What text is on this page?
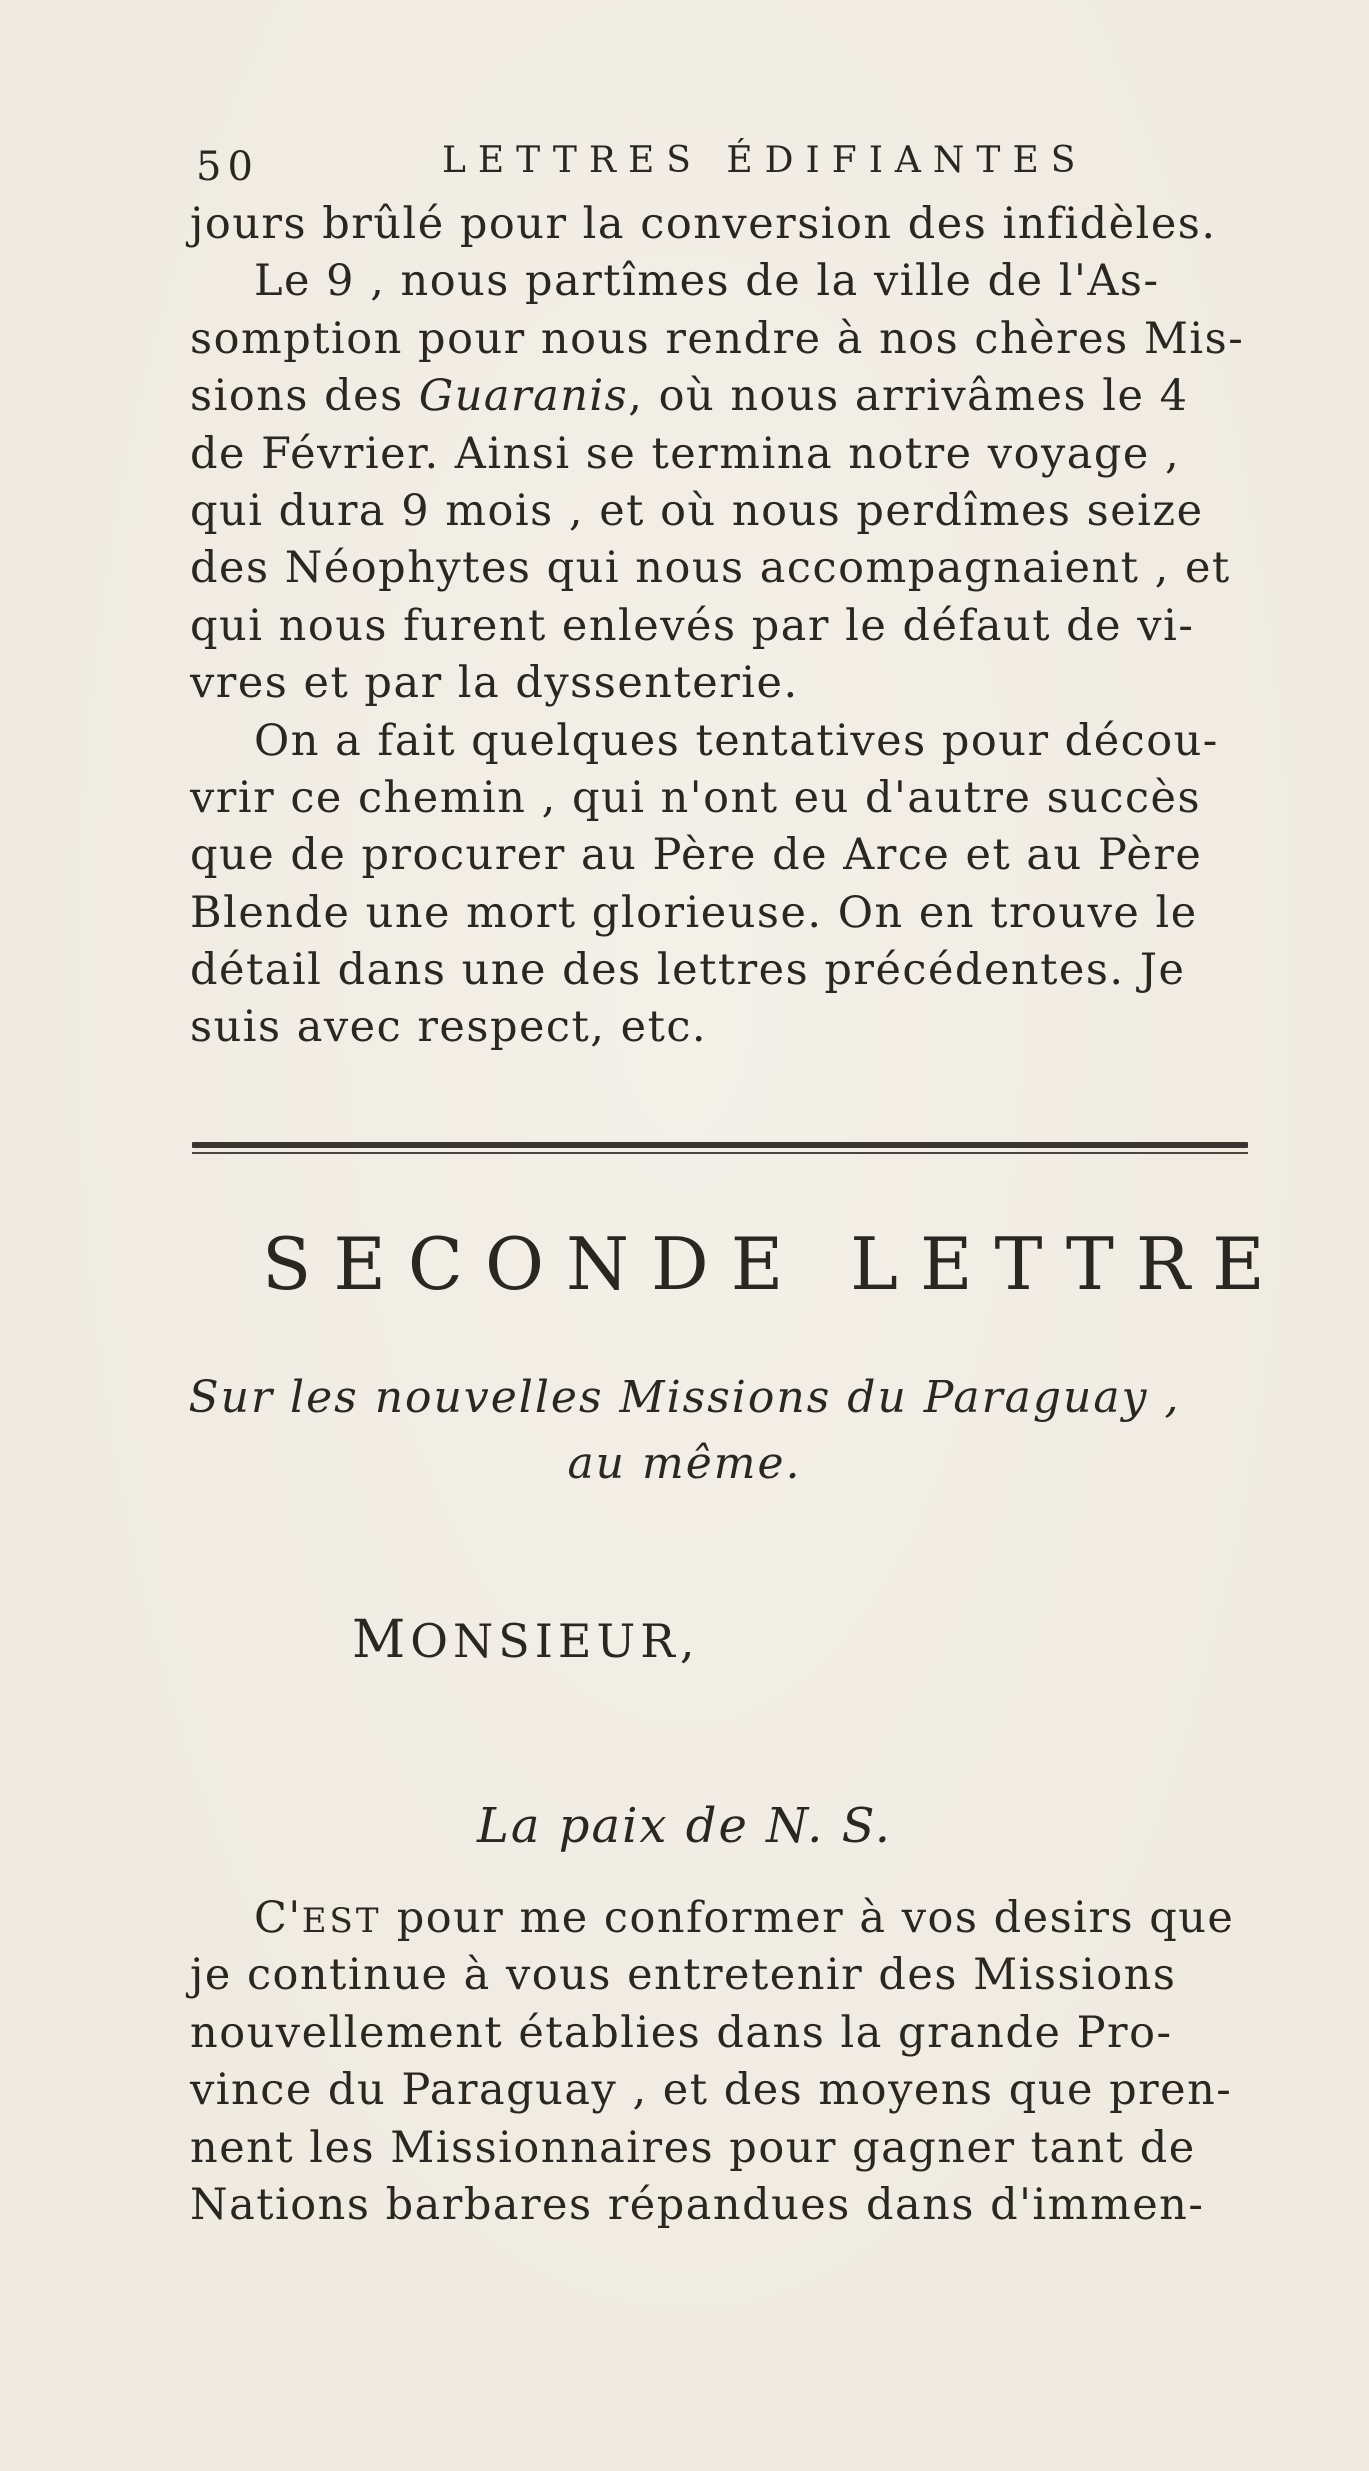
50	LETTRES ÉDIFIANTES
jours brûlé pour la conversion des infidèles.
Le 9 , nous partîmes de la ville de l'As-
somption pour nous rendre à nos chères Mis-
sions des Guaranis, où nous arrivâmes le 4
de Février. Ainsi se termina notre voyage ,
qui dura 9 mois , et où nous perdîmes seize
des Néophytes qui nous accompagnaient , et
qui nous furent enlevés par le défaut de vi-
vres et par la dyssenterie.
On a fait quelques tentatives pour décou-
vrir ce chemin , qui n'ont eu d'autre succès
que de procurer au Père de Arce et au Père
Blende une mort glorieuse. On en trouve le
détail dans une des lettres précédentes. Je
suis avec respect, etc.
SECONDE LETTRE
Sur les nouvelles Missions du Paraguay ,
au même.
MONSIEUR,
La paix de N. S.
C'EST pour me conformer à vos desirs que
je continue à vous entretenir des Missions
nouvellement établies dans la grande Pro-
vince du Paraguay , et des moyens que pren-
nent les Missionnaires pour gagner tant de
Nations barbares répandues dans d'immen-
